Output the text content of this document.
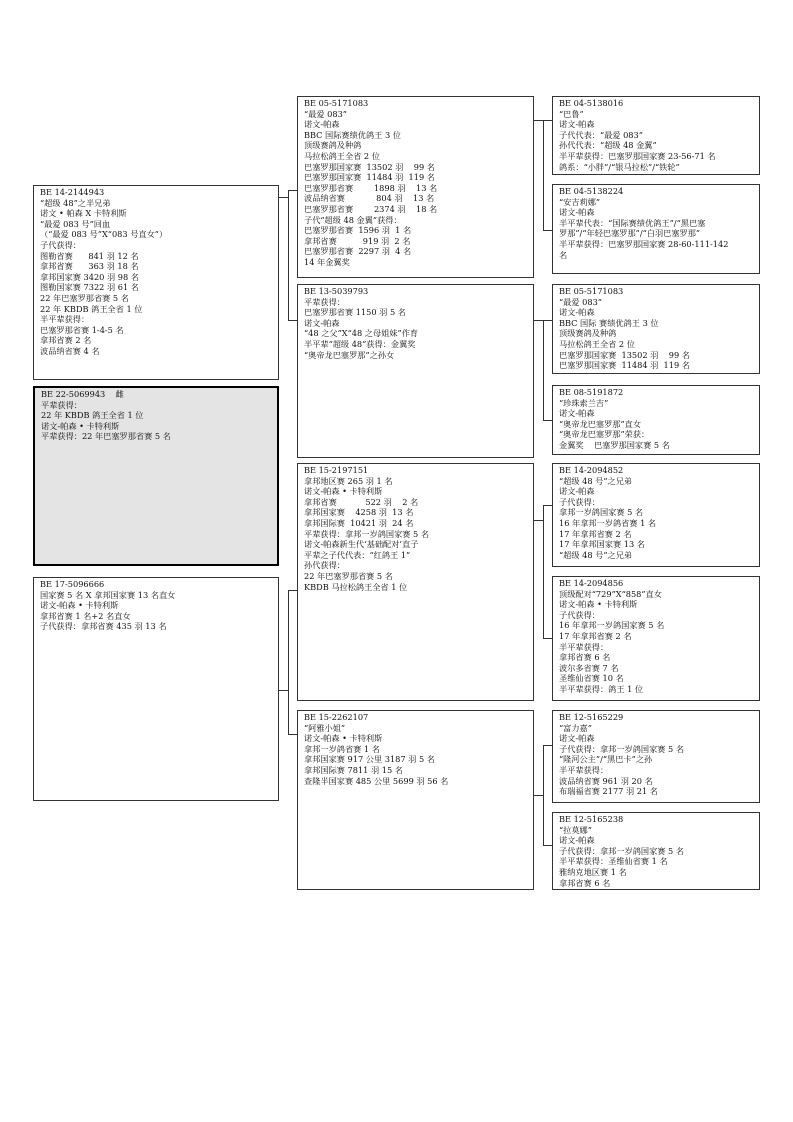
BE 14-2144943
“超级 48”之半兄弟
诺文 • 帕森 X 卡特利斯
“最爱 083 号”回血
（“最爱 083 号”X“083 号直女”）
子代获得：
图勒省赛      841 羽 12 名
拿邦省赛      363 羽 18 名
拿邦国家赛 3420 羽 98 名
图勒国家赛 7322 羽 61 名
22 年巴塞罗那省赛 5 名
22 年 KBDB 鸽王全省 1 位
半平辈获得：
巴塞罗那省赛 1-4-5 名
拿邦省赛 2 名
波品纳省赛 4 名
BE 22-5069943    雌
平辈获得：
22 年 KBDB 鸽王全省 1 位
诺文-帕森 • 卡特利斯
平辈获得：22 年巴塞罗那省赛 5 名
BE 17-5096666
国家赛 5 名 X 拿邦国家赛 13 名直女
诺文-帕森 • 卡特利斯
拿邦省赛 1 名+2 名直女
子代获得：拿邦省赛 435 羽 13 名
BE 05-5171083
“最爱 083”
诺文-帕森
BBC 国际赛绩优鸽王 3 位
顶级赛鸽及种鸽
马拉松鸽王全省 2 位
巴塞罗那国家赛  13502 羽    99 名
巴塞罗那国家赛  11484 羽  119 名
巴塞罗那省赛        1898 羽    13 名
波品纳省赛            804 羽    13 名
巴塞罗那省赛        2374 羽    18 名
子代“超级 48 金翼”获得：
巴塞罗那省赛  1596 羽  1 名
拿邦省赛          919 羽  2 名
巴塞罗那省赛  2297 羽  4 名
14 年金翼奖
BE 13-5039793
平辈获得：
巴塞罗那省赛 1150 羽 5 名
诺文-帕森
“48 之父”X“48 之母姐妹”作育
半平辈“超级 48”获得：金翼奖
“奥帝龙巴塞罗那”之孙女
BE 15-2197151
拿邦地区赛 265 羽 1 名
诺文-帕森 • 卡特利斯
拿邦省赛           522 羽    2 名
拿邦国家赛    4258 羽  13 名
拿邦国际赛  10421 羽  24 名
平辈获得：拿邦一岁鸽国家赛 5 名
诺文-帕森新生代‘基础配对’直子
平辈之子代代表：“红鸽王 1”
孙代获得：
22 年巴塞罗那省赛 5 名
KBDB 马拉松鸽王全省 1 位
BE 15-2262107
“阿雅小姐”
诺文-帕森 • 卡特利斯
拿邦一岁鸽省赛 1 名
拿邦国家赛 917 公里 3187 羽 5 名
拿邦国际赛 7811 羽 15 名
查隆半国家赛 485 公里 5699 羽 56 名
BE 04-5138016
“巴鲁”
诺文-帕森
子代代表：“最爱 083”
孙代代表：“超级 48 金翼”
半平辈获得：巴塞罗那国家赛 23-56-71 名
鸽系：“小胖”/“银马拉松”/“铁轮”
BE 04-5138224
“安吉莉娜”
诺文-帕森
半平辈代表：“国际赛绩优鸽王”/“黑巴塞
罗那”/“年轻巴塞罗那”/“白羽巴塞罗那”
半平辈获得：巴塞罗那国家赛 28-60-111-142
名
BE 05-5171083
“最爱 083”
诺文-帕森
BBC 国际 赛绩优鸽王 3 位
顶级赛鸽及种鸽
马拉松鸽王全省 2 位
巴塞罗那国家赛  13502 羽    99 名
巴塞罗那国家赛  11484 羽  119 名
BE 08-5191872
“珍珠索兰吉”
诺文-帕森
“奥帝龙巴塞罗那”直女
“奥帝龙巴塞罗那”荣获：
金翼奖    巴塞罗那国家赛 5 名
BE 14-2094852
“超级 48 号”之兄弟
诺文-帕森
子代获得：
拿邦一岁鸽国家赛 5 名
16 年拿邦一岁鸽省赛 1 名
17 年拿邦省赛 2 名
17 年拿邦国家赛 13 名
“超级 48 号”之兄弟
BE 14-2094856
顶级配对“729”X“858”直女
诺文-帕森 • 卡特利斯
子代获得：
16 年拿邦一岁鸽国家赛 5 名
17 年拿邦省赛 2 名
半平辈获得：
拿邦省赛 6 名
波尔多省赛 7 名
圣维仙省赛 10 名
半平辈获得：鸽王 1 位
BE 12-5165229
“富力嘉”
诺文-帕森
子代获得：拿邦一岁鸽国家赛 5 名
“隆河公主”/“黑巴卡”之孙
半平辈获得：
波品纳省赛 961 羽 20 名
布瑞福省赛 2177 羽 21 名
BE 12-5165238
“拉莫娜”
诺文-帕森
子代获得：拿邦一岁鸽国家赛 5 名
半平辈获得：圣维仙省赛 1 名
雅纳克地区赛 1 名
拿邦省赛 6 名
